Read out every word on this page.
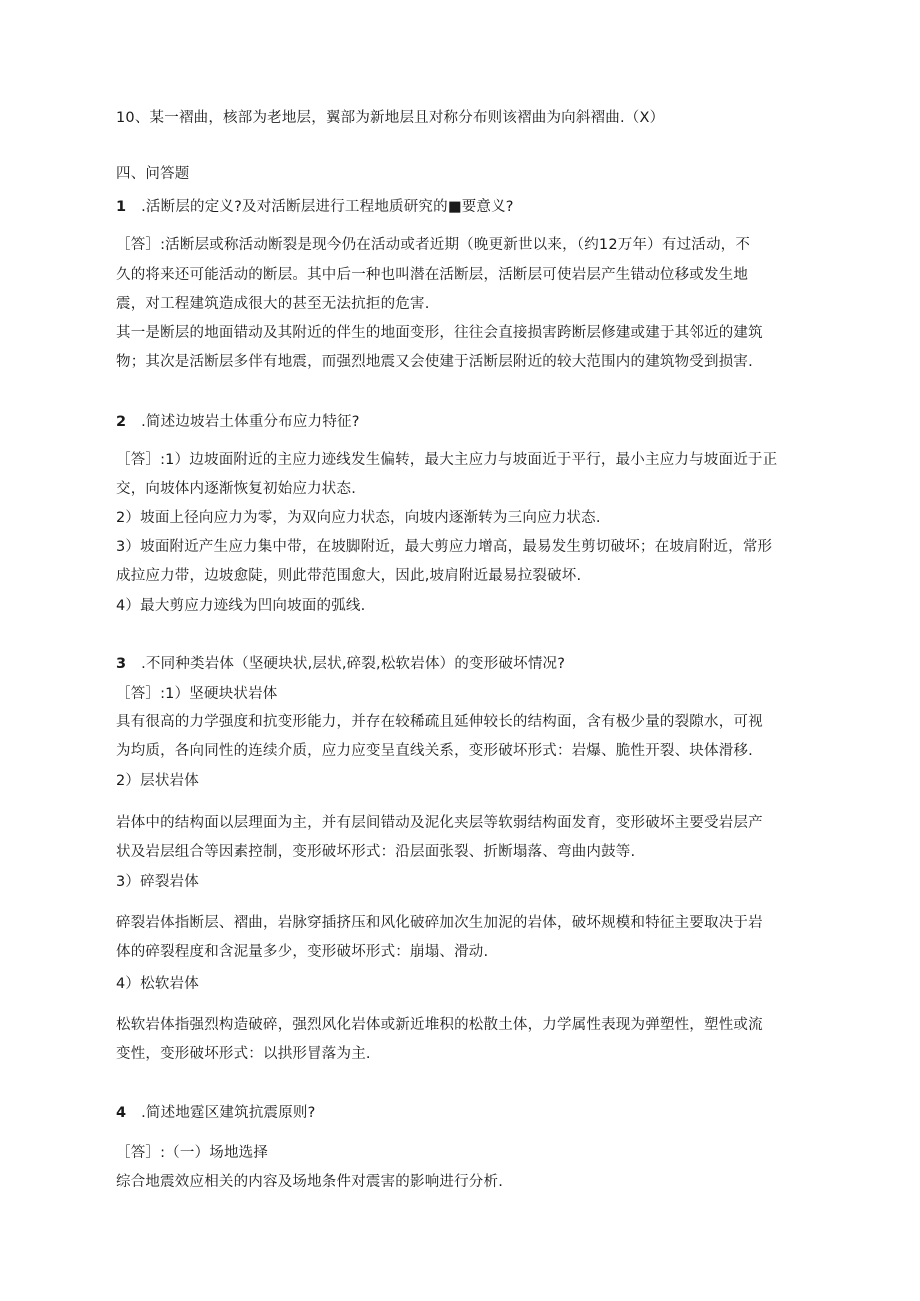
10、某一褶曲，核部为老地层，翼部为新地层且对称分布则该褶曲为向斜褶曲.（X）
四、问答题
1 .活断层的定义?及对活断层进行工程地质研究的■要意义?
［答］:活断层或称活动断裂是现今仍在活动或者近期（晚更新世以来，（约12万年）有过活动，不
久的将来还可能活动的断层。其中后一种也叫潜在活断层，活断层可使岩层产生错动位移或发生地
震，对工程建筑造成很大的甚至无法抗拒的危害.
其一是断层的地面错动及其附近的伴生的地面变形，往往会直接损害跨断层修建或建于其邻近的建筑
物；其次是活断层多伴有地震，而强烈地震又会使建于活断层附近的较大范围内的建筑物受到损害.
2 .简述边坡岩土体重分布应力特征?
［答］:1）边坡面附近的主应力迹线发生偏转，最大主应力与坡面近于平行，最小主应力与坡面近于正
交，向坡体内逐渐恢复初始应力状态.
2）坡面上径向应力为零，为双向应力状态，向坡内逐渐转为三向应力状态.
3）坡面附近产生应力集中带，在坡脚附近，最大剪应力增高，最易发生剪切破坏；在坡肩附近，常形
成拉应力带，边坡愈陡，则此带范围愈大，因此,坡肩附近最易拉裂破坏.
4）最大剪应力迹线为凹向坡面的弧线.
3 .不同种类岩体（坚硬块状,层状,碎裂,松软岩体）的变形破坏情况?
［答］:1）坚硬块状岩体
具有很高的力学强度和抗变形能力，并存在较稀疏且延伸较长的结构面，含有极少量的裂隙水，可视
为均质，各向同性的连续介质，应力应变呈直线关系，变形破坏形式：岩爆、脆性开裂、块体滑移.
2）层状岩体
岩体中的结构面以层理面为主，并有层间错动及泥化夹层等软弱结构面发育，变形破坏主要受岩层产
状及岩层组合等因素控制，变形破坏形式：沿层面张裂、折断塌落、弯曲内鼓等.
3）碎裂岩体
碎裂岩体指断层、褶曲，岩脉穿插挤压和风化破碎加次生加泥的岩体，破坏规模和特征主要取决于岩
体的碎裂程度和含泥量多少，变形破坏形式：崩塌、滑动.
4）松软岩体
松软岩体指强烈构造破碎，强烈风化岩体或新近堆积的松散土体，力学属性表现为弹塑性，塑性或流
变性，变形破坏形式：以拱形冒落为主.
4 .简述地霆区建筑抗震原则?
［答］:（一）场地选择
综合地震效应相关的内容及场地条件对震害的影响进行分析.
